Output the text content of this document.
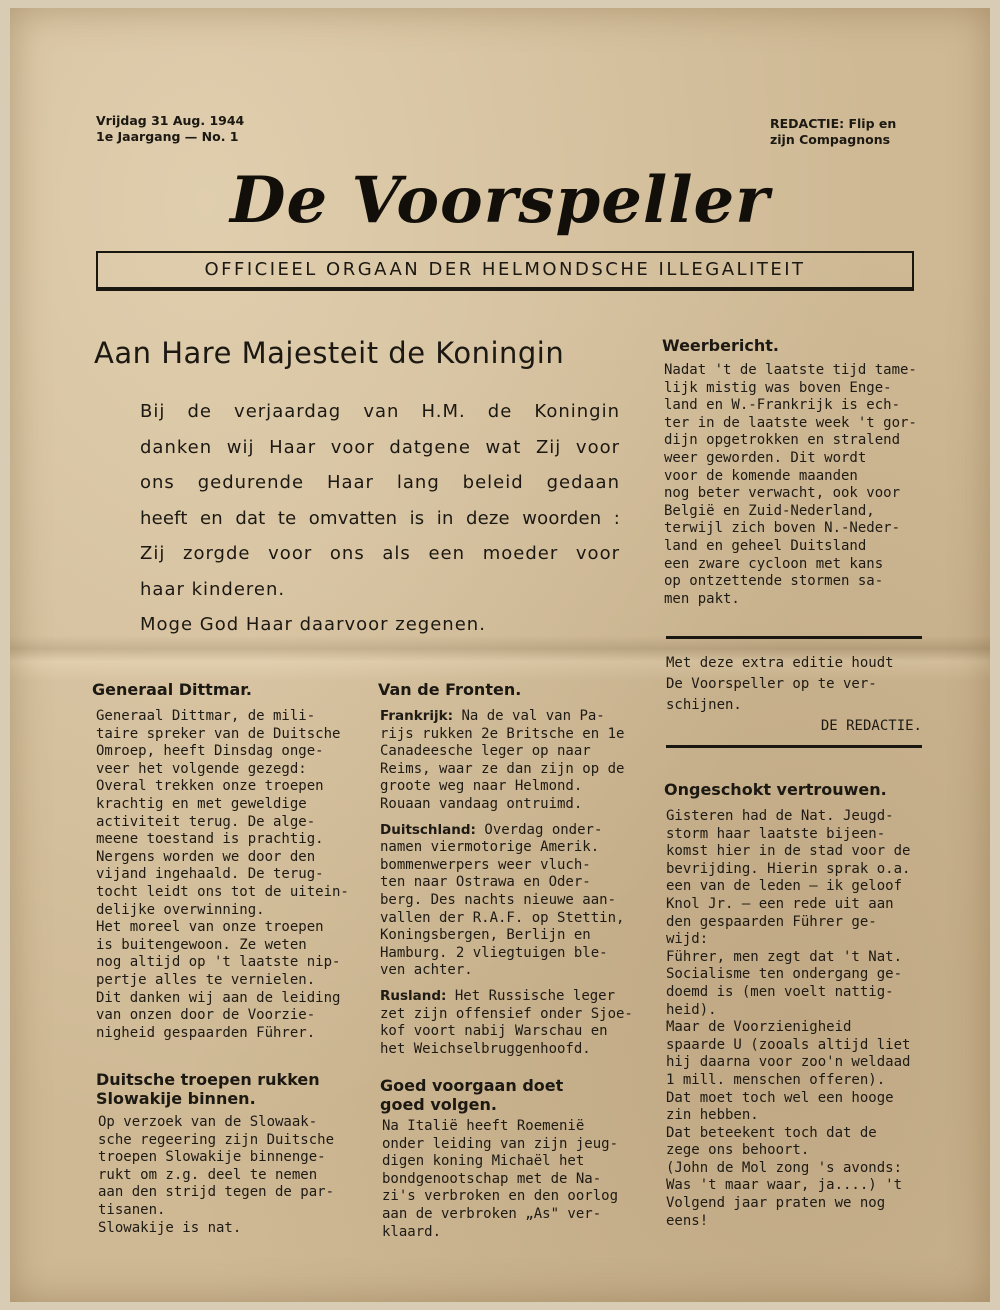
Vrijdag 31 Aug. 1944
1e Jaargang — No. 1
REDACTIE: Flip en
zijn Compagnons
De Voorspeller
OFFICIEEL ORGAAN DER HELMONDSCHE ILLEGALITEIT
Aan Hare Majesteit de Koningin

Bij de verjaardag van H.M. de Koningin

danken wij Haar voor datgene wat Zij voor

ons gedurende Haar lang beleid gedaan

heeft en dat te omvatten is in deze woorden :

Zij zorgde voor ons als een moeder voor

haar kinderen.

Moge God Haar daarvoor zegenen.

Weerbericht.
Nadat 't de laatste tijd tame-
lijk mistig was boven Enge-
land en W.-Frankrijk is ech-
ter in de laatste week 't gor-
dijn opgetrokken en stralend
weer geworden. Dit wordt
voor de komende maanden
nog beter verwacht, ook voor
België en Zuid-Nederland,
terwijl zich boven N.-Neder-
land en geheel Duitsland
een zware cycloon met kans
op ontzettende stormen sa-
men pakt.
Met deze extra editie houdt
De Voorspeller op te ver-
schijnen.
DE REDACTIE.
Generaal Dittmar.
Generaal Dittmar, de mili-
taire spreker van de Duitsche
Omroep, heeft Dinsdag onge-
veer het volgende gezegd:
Overal trekken onze troepen
krachtig en met geweldige
activiteit terug. De alge-
meene toestand is prachtig.
Nergens worden we door den
vijand ingehaald. De terug-
tocht leidt ons tot de uitein-
delijke overwinning.
Het moreel van onze troepen
is buitengewoon. Ze weten
nog altijd op 't laatste nip-
pertje alles te vernielen.
Dit danken wij aan de leiding
van onzen door de Voorzie-
nigheid gespaarden Führer.
Duitsche troepen rukken
Slowakije binnen.
Op verzoek van de Slowaak-
sche regeering zijn Duitsche
troepen Slowakije binnenge-
rukt om z.g. deel te nemen
aan den strijd tegen de par-
tisanen.
Slowakije is nat.
Van de Fronten.
Frankrijk: Na de val van Pa-
rijs rukken 2e Britsche en 1e
Canadeesche leger op naar
Reims, waar ze dan zijn op de
groote weg naar Helmond.
Rouaan vandaag ontruimd.
Duitschland: Overdag onder-
namen viermotorige Amerik.
bommenwerpers weer vluch-
ten naar Ostrawa en Oder-
berg. Des nachts nieuwe aan-
vallen der R.A.F. op Stettin,
Koningsbergen, Berlijn en
Hamburg. 2 vliegtuigen ble-
ven achter.
Rusland: Het Russische leger
zet zijn offensief onder Sjoe-
kof voort nabij Warschau en
het Weichselbruggenhoofd.
Goed voorgaan doet
goed volgen.
Na Italië heeft Roemenië
onder leiding van zijn jeug-
digen koning Michaël het
bondgenootschap met de Na-
zi's verbroken en den oorlog
aan de verbroken „As" ver-
klaard.
Ongeschokt vertrouwen.
Gisteren had de Nat. Jeugd-
storm haar laatste bijeen-
komst hier in de stad voor de
bevrijding. Hierin sprak o.a.
een van de leden — ik geloof
Knol Jr. — een rede uit aan
den gespaarden Führer ge-
wijd:
Führer, men zegt dat 't Nat.
Socialisme ten ondergang ge-
doemd is (men voelt nattig-
heid).
Maar de Voorzienigheid
spaarde U (zooals altijd liet
hij daarna voor zoo'n weldaad
1 mill. menschen offeren).
Dat moet toch wel een hooge
zin hebben.
Dat beteekent toch dat de
zege ons behoort.
(John de Mol zong 's avonds:
Was 't maar waar, ja....) 't
Volgend jaar praten we nog
eens!
